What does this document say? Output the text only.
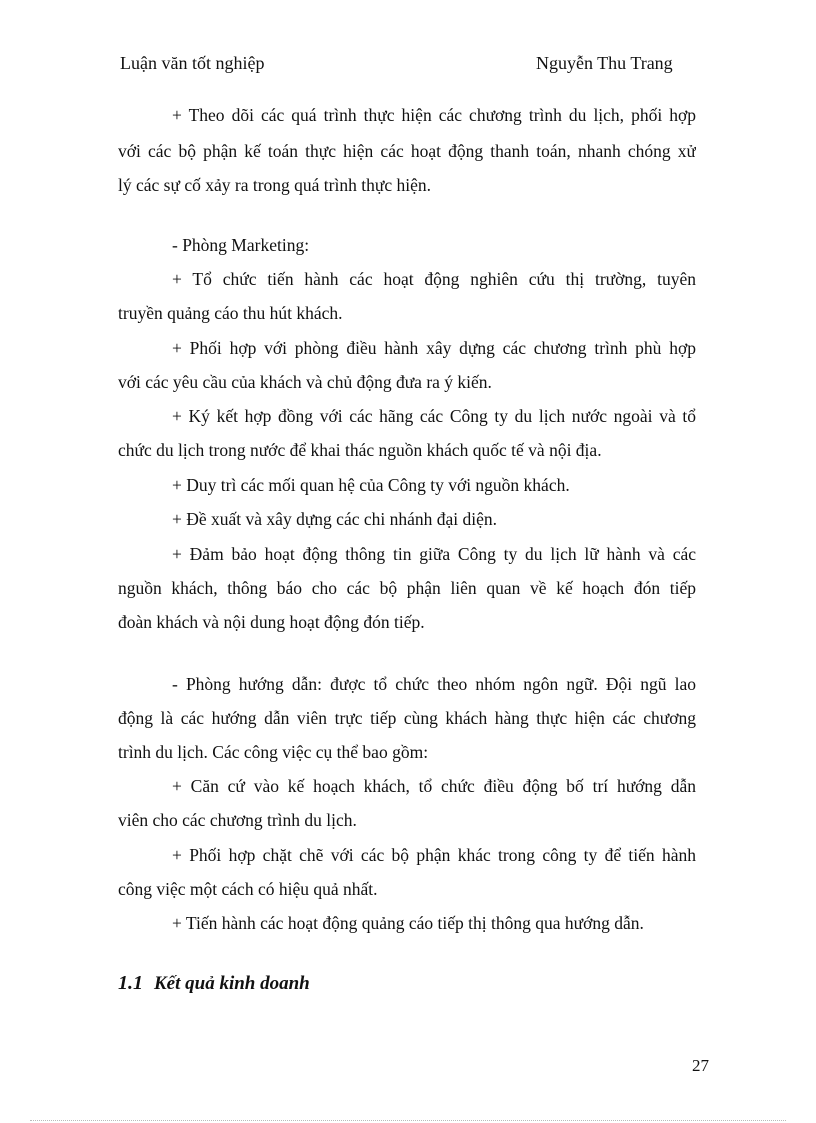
Luận văn tốt nghiệp	Nguyễn Thu Trang
+ Theo dõi các quá trình thực hiện các chương trình du lịch, phối hợp
với các bộ phận kế toán thực hiện các hoạt động thanh toán, nhanh chóng xử
lý các sự cố xảy ra trong quá trình thực hiện.
- Phòng Marketing:
+ Tổ chức tiến hành các hoạt động nghiên cứu thị trường, tuyên
truyền quảng cáo thu hút khách.
+ Phối hợp với phòng điều hành xây dựng các chương trình phù hợp
với các yêu cầu của khách và chủ động đưa ra ý kiến.
+ Ký kết hợp đồng với các hãng các Công ty du lịch nước ngoài và tổ
chức du lịch trong nước để khai thác nguồn khách quốc tế và nội địa.
+ Duy trì các mối quan hệ của Công ty với nguồn khách.
+ Đề xuất và xây dựng các chi nhánh đại diện.
+ Đảm bảo hoạt động thông tin giữa Công ty du lịch lữ hành và các
nguồn khách, thông báo cho các bộ phận liên quan về kế hoạch đón tiếp
đoàn khách và nội dung hoạt động đón tiếp.
- Phòng hướng dẫn: được tổ chức theo nhóm ngôn ngữ. Đội ngũ lao
động là các hướng dẫn viên trực tiếp cùng khách hàng thực hiện các chương
trình du lịch. Các công việc cụ thể bao gồm:
+ Căn cứ vào kế hoạch khách, tổ chức điều động bố trí hướng dẫn
viên cho các chương trình du lịch.
+ Phối hợp chặt chẽ với các bộ phận khác trong công ty để tiến hành
công việc một cách có hiệu quả nhất.
+ Tiến hành các hoạt động quảng cáo tiếp thị thông qua hướng dẫn.
1.1 Kết quả kinh doanh
27
